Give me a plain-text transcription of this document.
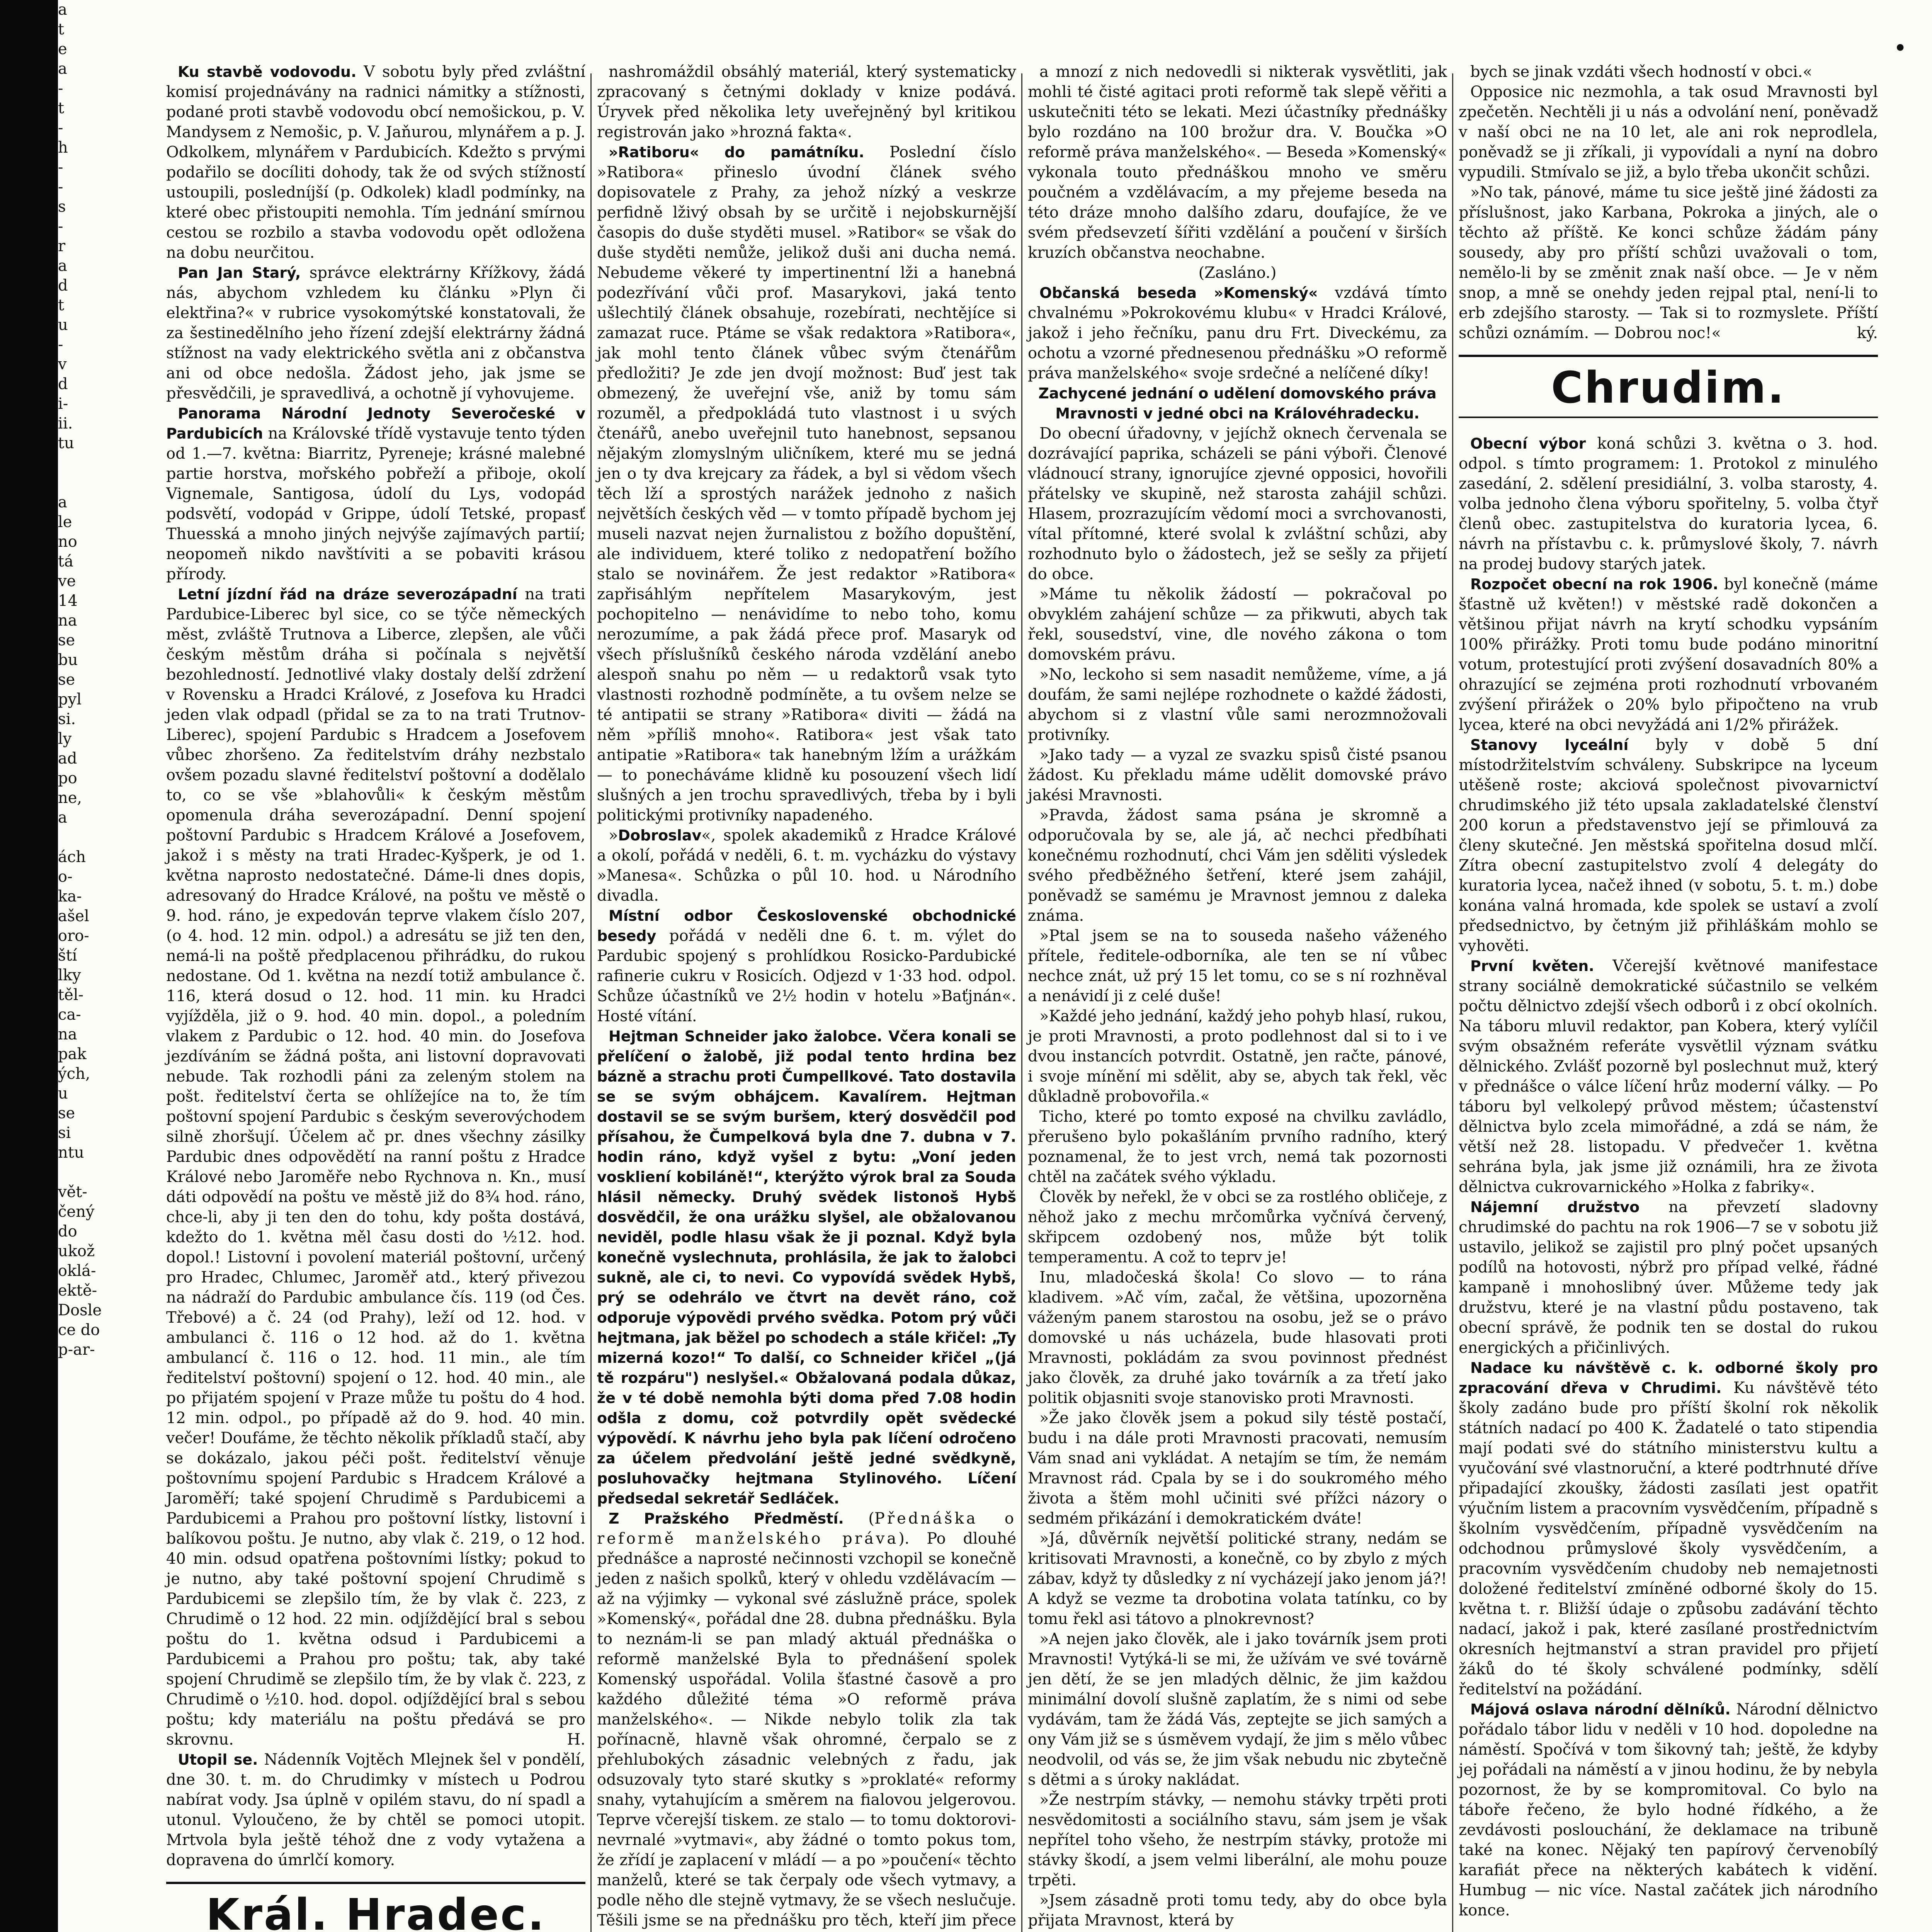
a
t
e
a
-
t
-
h
-
-
s
-
r
a
d
t
u
-
v
d
i-
ii.
tu

a
le
no
tá
ve
14
na
se
bu
se
pyl
si.
ly
ad
po
ne,
a

ách
o-
ka-
ašel
oro-
ští
lky
těl-
ca-
na
pak
ých,
u
se
si
ntu

vět-
čený
do
ukož
oklá-
ektě-
Dosle
ce do
p-ar-
•

Ku stavbě vodovodu. V sobotu byly před zvláštní komisí projednávány na radnici námitky a stížnosti, podané proti stavbě vodovodu obcí nemošickou, p. V. Mandysem z Nemošic, p. V. Jaňurou, mlynářem a p. J. Odkolkem, mlynářem v Pardubicích. Kdežto s prvými podařilo se docíliti dohody, tak že od svých stížností ustoupili, posledníjší (p. Odkolek) kladl podmínky, na které obec přistoupiti nemohla. Tím jednání smírnou cestou se rozbilo a stavba vodovodu opět odložena na dobu neurčitou.

Pan Jan Starý, správce elektrárny Křížkovy, žádá nás, abychom vzhledem ku článku »Plyn či elektřina?« v rubrice vysokomýtské konstatovali, že za šestinedělního jeho řízení zdejší elektrárny žádná stížnost na vady elektrického světla ani z občanstva ani od obce nedošla. Žádost jeho, jak jsme se přesvědčili, je spravedlivá, a ochotně jí vyhovujeme.

Panorama Národní Jednoty Severočeské v Pardubicích na Královské třídě vystavuje tento týden od 1.—7. května: Biarritz, Pyreneje; krásné malebné partie horstva, mořského pobřeží a přiboje, okolí Vignemale, Santigosa, údolí du Lys, vodopád podsvětí, vodopád v Grippe, údolí Tetské, propasť Thuesská a mnoho jiných nejvýše zajímavých partií; neopomeň nikdo navštíviti a se pobaviti krásou přírody.

Letní jízdní řád na dráze severozápadní na trati Pardubice-Liberec byl sice, co se týče německých měst, zvláště Trutnova a Liberce, zlepšen, ale vůči českým městům dráha si počínala s největší bezohledností. Jednotlivé vlaky dostaly delší zdržení v Rovensku a Hradci Králové, z Josefova ku Hradci jeden vlak odpadl (přidal se za to na trati Trutnov-Liberec), spojení Pardubic s Hradcem a Josefovem vůbec zhoršeno. Za ředitelstvím dráhy nezbstalo ovšem pozadu slavné ředitelství poštovní a dodělalo to, co se vše »blahovůli« k českým městům opomenula dráha severozápadní. Denní spojení poštovní Pardubic s Hradcem Králové a Josefovem, jakož i s městy na trati Hradec-Kyšperk, je od 1. května naprosto nedostatečné. Dáme-li dnes dopis, adresovaný do Hradce Králové, na poštu ve městě o 9. hod. ráno, je expedován teprve vlakem číslo 207, (o 4. hod. 12 min. odpol.) a adresátu se již ten den, nemá-li na poště předplacenou přihrádku, do rukou nedostane. Od 1. května na nezdí totiž ambulance č. 116, která dosud o 12. hod. 11 min. ku Hradci vyjížděla, již o 9. hod. 40 min. dopol., a poledním vlakem z Pardubic o 12. hod. 40 min. do Josefova jezdíváním se žádná pošta, ani listovní dopravovati nebude. Tak rozhodli páni za zeleným stolem na pošt. ředitelství čerta se ohlížejíce na to, že tím poštovní spojení Pardubic s českým severovýchodem silně zhoršují. Účelem ač pr. dnes všechny zásilky Pardubic dnes odpovědětí na ranní poštu z Hradce Králové nebo Jaroměře nebo Rychnova n. Kn., musí dáti odpovědí na poštu ve městě již do 8¾ hod. ráno, chce-li, aby ji ten den do tohu, kdy pošta dostává, kdežto do 1. května měl času dosti do ½12. hod. dopol.! Listovní i povolení materiál poštovní, určený pro Hradec, Chlumec, Jaroměř atd., který přivezou na nádraží do Pardubic ambulance čís. 119 (od Čes. Třebové) a č. 24 (od Prahy), leží od 12. hod. v ambulanci č. 116 o 12 hod. až do 1. května ambulancí č. 116 o 12. hod. 11 min., ale tím ředitelství poštovní) spojení o 12. hod. 40 min., ale po přijatém spojení v Praze může tu poštu do 4 hod. 12 min. odpol., po případě až do 9. hod. 40 min. večer! Doufáme, že těchto několik příkladů stačí, aby se dokázalo, jakou péči pošt. ředitelství věnuje poštovnímu spojení Pardubic s Hradcem Králové a Jaroměří; také spojení Chrudimě s Pardubicemi a Pardubicemi a Prahou pro poštovní lístky, listovní i balíkovou poštu. Je nutno, aby vlak č. 219, o 12 hod. 40 min. odsud opatřena poštovními lístky; pokud to je nutno, aby také poštovní spojení Chrudimě s Pardubicemi se zlepšilo tím, že by vlak č. 223, z Chrudimě o 12 hod. 22 min. odjíždějící bral s sebou poštu do 1. května odsud i Pardubicemi a Pardubicemi a Prahou pro poštu; tak, aby také spojení Chrudimě se zlepšilo tím, že by vlak č. 223, z Chrudimě o ½10. hod. dopol. odjíždějící bral s sebou poštu; kdy materiálu na poštu předává se pro skrovnu.	H.

Utopil se. Nádenník Vojtěch Mlejnek šel v pondělí, dne 30. t. m. do Chrudimky v místech u Podrou nabírat vody. Jsa úplně v opilém stavu, do ní spadl a utonul. Vyloučeno, že by chtěl se pomoci utopit. Mrtvola byla ještě téhož dne z vody vytažena a dopravena do úmrlčí komory.

Král. Hradec.

nashromáždil obsáhlý materiál, který systematicky zpracovaný s četnými doklady v knize podává. Úryvek před několika lety uveřejněný byl kritikou registrován jako »hrozná fakta«.

»Ratiboru« do památníku. Poslední číslo »Ratibora« přineslo úvodní článek svého dopisovatele z Prahy, za jehož nízký a veskrze perfidně lživý obsah by se určitě i nejobskurnější časopis do duše styděti musel. »Ratibor« se však do duše styděti nemůže, jelikož duši ani ducha nemá. Nebudeme věkeré ty impertinentní lži a hanebná podezřívání vůči prof. Masarykovi, jaká tento ušlechtilý článek obsahuje, rozebírati, nechtějíce si zamazat ruce. Ptáme se však redaktora »Ratibora«, jak mohl tento článek vůbec svým čtenářům předložiti? Je zde jen dvojí možnost: Buď jest tak obmezený, že uveřejní vše, aniž by tomu sám rozuměl, a předpokládá tuto vlastnost i u svých čtenářů, anebo uveřejnil tuto hanebnost, sepsanou nějakým zlomyslným uličníkem, které mu se jedná jen o ty dva krejcary za řádek, a byl si vědom všech těch lží a sprostých narážek jednoho z našich největších českých věd — v tomto případě bychom jej museli nazvat nejen žurnalistou z božího dopuštění, ale individuem, které toliko z nedopatření božího stalo se novinářem. Že jest redaktor »Ratibora« zapřisáhlým nepřítelem Masarykovým, jest pochopitelno — nenávidíme to nebo toho, komu nerozumíme, a pak žádá přece prof. Masaryk od všech příslušníků českého národa vzdělání anebo alespoň snahu po něm — u redaktorů vsak tyto vlastnosti rozhodně podmíněte, a tu ovšem nelze se té antipatii se strany »Ratibora« diviti — žádá na něm »příliš mnoho«. Ratibora« jest však tato antipatie »Ratibora« tak hanebným lžím a urážkám — to ponecháváme klidně ku posouzení všech lidí slušných a jen trochu spravedlivých, třeba by i byli politickými protivníky napadeného.

»Dobroslav«, spolek akademiků z Hradce Králové a okolí, pořádá v neděli, 6. t. m. vycházku do výstavy »Manesa«. Schůzka o půl 10. hod. u Národního divadla.

Místní odbor Československé obchodnické besedy pořádá v neděli dne 6. t. m. výlet do Pardubic spojený s prohlídkou Rosicko-Pardubické rafinerie cukru v Rosicích. Odjezd v 1·33 hod. odpol. Schůze účastníků ve 2½ hodin v hotelu »Baťjnán«. Hosté vítání.

Hejtman Schneider jako žalobce. Včera konali se přelíčení o žalobě, již podal tento hrdina bez bázně a strachu proti Čumpellkové. Tato dostavila se se svým obhájcem. Kavalírem. Hejtman dostavil se se svým buršem, který dosvědčil pod přísahou, že Čumpelková byla dne 7. dubna v 7. hodin ráno, když vyšel z bytu: „Voní jeden voskliení kobiláně!“, kterýžto výrok bral za Souda hlásil německy. Druhý svědek listonoš Hybš dosvědčil, že ona urážku slyšel, ale obžalovanou neviděl, podle hlasu však že ji poznal. Když byla konečně vyslechnuta, prohlásila, že jak to žalobci sukně, ale ci, to nevi. Co vypovídá svědek Hybš, prý se odehrálo ve čtvrt na devět ráno, což odporuje výpovědi prvého svědka. Potom prý vůči hejtmana, jak běžel po schodech a stále křičel: „Ty mizerná kozo!“ To další, co Schneider křičel „(já tě rozpáru") neslyšel.« Obžalovaná podala důkaz, že v té době nemohla býti doma před 7.08 hodin odšla z domu, což potvrdily opět svědecké výpovědí. K návrhu jeho byla pak líčení odročeno za účelem předvolání ještě jedné svědkyně, posluhovačky hejtmana Stylinového. Líčení předsedal sekretář Sedláček.

Z Pražského Předměstí. (Přednáška o reformě manželského práva). Po dlouhé přednášce a naprosté nečinnosti vzchopil se konečně jeden z našich spolků, který v ohledu vzdělávacím — až na výjimky — vykonal své záslužně práce, spolek »Komenský«, pořádal dne 28. dubna přednášku. Byla to neznám-li se pan mladý aktuál přednáška o reformě manželské Byla to přednášení spolek Komenský uspořádal. Volila šťastné časově a pro každého důležité téma »O reformě práva manželského«. — Nikde nebylo tolik zla tak pořínacně, hlavně však ohromné, čerpalo se z přehlubokých zásadnic velebných z řadu, jak odsuzovaly tyto staré skutky s »proklaté« reformy snahy, vytahujícím a směrem na fialovou jelgerovou. Teprve včerejší tiskem. ze stalo — to tomu doktorovi-nevrnalé »vytmavi«, aby žádné o tomto pokus tom, že zřídí je zaplacení v mládí — a po »poučení« těchto manželů, které se tak čerpaly ode všech vytmavy, a podle něho dle stejně vytmavy, že se všech neslučuje. Těšili jsme se na přednášku pro těch, kteří jim přece

a mnozí z nich nedovedli si nikterak vysvětliti, jak mohli té čisté agitaci proti reformě tak slepě věřiti a uskutečniti této se lekati. Mezi účastníky přednášky bylo rozdáno na 100 brožur dra. V. Boučka »O reformě práva manželského«. — Beseda »Komenský« vykonala touto přednáškou mnoho ve směru poučném a vzdělávacím, a my přejeme beseda na této dráze mnoho dalšího zdaru, doufajíce, že ve svém předsevzetí šířiti vzdělání a poučení v širších kruzích občanstva neochabne.

(Zasláno.)

Občanská beseda »Komenský« vzdává tímto chvalnému »Pokrokovému klubu« v Hradci Králové, jakož i jeho řečníku, panu dru Frt. Diveckému, za ochotu a vzorné přednesenou přednášku »O reformě práva manželského« svoje srdečné a nelíčené díky!

Zachycené jednání o udělení domovského práva Mravnosti v jedné obci na Královéhradecku.

Do obecní úřadovny, v jejíchž oknech červenala se dozrávající paprika, scházeli se páni výboři. Členové vládnoucí strany, ignorujíce zjevné opposici, hovořili přátelsky ve skupině, než starosta zahájil schůzi. Hlasem, prozrazujícím vědomí moci a svrchovanosti, vítal přítomné, které svolal k zvláštní schůzi, aby rozhodnuto bylo o žádostech, jež se sešly za přijetí do obce.

»Máme tu několik žádostí — pokračoval po obvyklém zahájení schůze — za přikwuti, abych tak řekl, sousedství, vine, dle nového zákona o tom domovském právu.

»No, leckoho si sem nasadit nemůžeme, víme, a já doufám, že sami nejlépe rozhodnete o každé žádosti, abychom si z vlastní vůle sami nerozmnožovali protivníky.

»Jako tady — a vyzal ze svazku spisů čisté psanou žádost. Ku překladu máme udělit domovské právo jakési Mravnosti.

»Pravda, žádost sama psána je skromně a odporučovala by se, ale já, ač nechci předbíhati konečnému rozhodnutí, chci Vám jen sděliti výsledek svého předběžného šetření, které jsem zahájil, poněvadž se samému je Mravnost jemnou z daleka známa.

»Ptal jsem se na to souseda našeho váženého přítele, ředitele-odborníka, ale ten se ní vůbec nechce znát, už prý 15 let tomu, co se s ní rozhněval a nenávidí ji z celé duše!

»Každé jeho jednání, každý jeho pohyb hlasí, rukou, je proti Mravnosti, a proto podlehnost dal si to i ve dvou instancích potvrdit. Ostatně, jen račte, pánové, i svoje mínění mi sdělit, aby se, abych tak řekl, věc důkladně probovořila.«

Ticho, které po tomto exposé na chvilku zavládlo, přerušeno bylo pokašláním prvního radního, který poznamenal, že to jest vrch, nemá tak pozornosti chtěl na začátek svého výkladu.

Člověk by neřekl, že v obci se za rostlého obličeje, z něhož jako z mechu mrčomůrka vyčnívá červený, skřipcem ozdobený nos, může být tolik temperamentu. A což to teprv je!

Inu, mladočeská škola! Co slovo — to rána kladivem. »Ač vím, začal, že většina, upozorněna váženým panem starostou na osobu, jež se o právo domovské u nás ucházela, bude hlasovati proti Mravnosti, pokládám za svou povinnost přednést jako člověk, za druhé jako továrník a za třetí jako politik objasniti svoje stanovisko proti Mravnosti.

»Že jako člověk jsem a pokud sily téstě postačí, budu i na dále proti Mravnosti pracovati, nemusím Vám snad ani vykládat. A netajím se tím, že nemám Mravnost rád. Cpala by se i do soukromého mého života a štěm mohl učiniti své přížci názory o sedmém přikázání i demokratickém dváte!

»Já, důvěrník největší politické strany, nedám se kritisovati Mravnosti, a konečně, co by zbylo z mých zábav, když ty důsledky z ní vycházejí jako jenom já?! A když se vezme ta drobotina volata tatínku, co by tomu řekl asi tátovo a plnokrevnost?

»A nejen jako člověk, ale i jako továrník jsem proti Mravnosti! Vytýká-li se mi, že užívám ve své továrně jen dětí, že se jen mladých dělnic, že jim každou minimální dovolí slušně zaplatím, že s nimi od sebe vydávám, tam že žádá Vás, zeptejte se jich samých a ony Vám již se s úsměvem vydají, že jim s mělo vůbec neodvolil, od vás se, že jim však nebudu nic zbytečně s dětmi a s úroky nakládat.

»Že nestrpím stávky, — nemohu stávky trpěti proti nesvědomitosti a sociálního stavu, sám jsem je však nepřítel toho všeho, že nestrpím stávky, protože mi stávky škodí, a jsem velmi liberální, ale mohu pouze trpěti.

»Jsem zásadně proti tomu tedy, aby do obce byla přijata Mravnost, která by

bych se jinak vzdáti všech hodností v obci.«

Opposice nic nezmohla, a tak osud Mravnosti byl zpečetěn. Nechtěli ji u nás a odvolání není, poněvadž v naší obci ne na 10 let, ale ani rok neprodlela, poněvadž se ji zříkali, ji vypovídali a nyní na dobro vypudili. Stmívalo se již, a bylo třeba ukončit schůzi.

»No tak, pánové, máme tu sice ještě jiné žádosti za příslušnost, jako Karbana, Pokroka a jiných, ale o těchto až příště. Ke konci schůze žádám pány sousedy, aby pro příští schůzi uvažovali o tom, nemělo-li by se změnit znak naší obce. — Je v něm snop, a mně se onehdy jeden rejpal ptal, není-li to erb zdejšího starosty. — Tak si to rozmyslete. Příští schůzi oznámím. — Dobrou noc!«	ký.

Chrudim.

Obecní výbor koná schůzi 3. května o 3. hod. odpol. s tímto programem: 1. Protokol z minulého zasedání, 2. sdělení presidiální, 3. volba starosty, 4. volba jednoho člena výboru spořitelny, 5. volba čtyř členů obec. zastupitelstva do kuratoria lycea, 6. návrh na přístavbu c. k. průmyslové školy, 7. návrh na prodej budovy starých jatek.

Rozpočet obecní na rok 1906. byl konečně (máme šťastně už květen!) v městské radě dokončen a většinou přijat návrh na krytí schodku vypsáním 100% přirážky. Proti tomu bude podáno minoritní votum, protestující proti zvýšení dosavadních 80% a ohrazující se zejména proti rozhodnutí vrbovaném zvýšení přirážek o 20% bylo připočteno na vrub lycea, které na obci nevyžádá ani 1/2% přirážek.

Stanovy lyceální byly v době 5 dní místodržitelstvím schváleny. Subskripce na lyceum utěšeně roste; akciová společnost pivovarnictví chrudimského již této upsala zakladatelské členství 200 korun a představenstvo její se přimlouvá za členy skutečné. Jen městská spořitelna dosud mlčí. Zítra obecní zastupitelstvo zvolí 4 delegáty do kuratoria lycea, načež ihned (v sobotu, 5. t. m.) dobe konána valná hromada, kde spolek se ustaví a zvolí předsednictvo, by četným již přihláškám mohlo se vyhověti.

První květen. Včerejší květnové manifestace strany sociálně demokratické súčastnilo se velkém počtu dělnictvo zdejší všech odborů i z obcí okolních. Na táboru mluvil redaktor, pan Kobera, který vylíčil svým obsažném referáte vysvětlil význam svátku dělnického. Zvlášť pozorně byl poslechnut muž, který v přednášce o válce líčení hrůz moderní války. — Po táboru byl velkolepý průvod městem; účastenství dělnictva bylo zcela mimořádné, a zdá se nám, že větší než 28. listopadu. V předvečer 1. května sehrána byla, jak jsme již oznámili, hra ze života dělnictva cukrovarnického »Holka z fabriky«.

Nájemní družstvo na převzetí sladovny chrudimské do pachtu na rok 1906—7 se v sobotu již ustavilo, jelikož se zajistil pro plný počet upsaných podílů na hotovosti, nýbrž pro případ velké, řádné kampaně i mnohoslibný úver. Můžeme tedy jak družstvu, které je na vlastní půdu postaveno, tak obecní správě, že podnik ten se dostal do rukou energických a přičinlivých.

Nadace ku návštěvě c. k. odborné školy pro zpracování dřeva v Chrudimi. Ku návštěvě této školy zadáno bude pro příští školní rok několik státních nadací po 400 K. Žadatelé o tato stipendia mají podati své do státního ministerstvu kultu a vyučování své vlastnoruční, a které podtrhnuté dříve připadající zkoušky, žádosti zasílati jest opatřit výučním listem a pracovním vysvědčením, případně s školním vysvědčením, případně vysvědčením na odchodnou průmyslové školy vysvědčením, a pracovním vysvědčením chudoby neb nemajetnosti doložené ředitelství zmíněné odborné školy do 15. května t. r. Bližší údaje o způsobu zadávání těchto nadací, jakož i pak, které zasílané prostřednictvím okresních hejtmanství a stran pravidel pro přijetí žáků do té školy schválené podmínky, sdělí ředitelství na požádání.

Májová oslava národní dělníků. Národní dělnictvo pořádalo tábor lidu v neděli v 10 hod. dopoledne na náměstí. Spočívá v tom šikovný tah; ještě, že kdyby jej pořádali na náměstí a v jinou hodinu, že by nebyla pozornost, že by se kompromitoval. Co bylo na táboře řečeno, že bylo hodné řídkého, a že zevdávosti poslouchání, že deklamace na tribuně také na konec. Nějaký ten papírový červenobílý karafiát přece na některých kabátech k vidění. Humbug — nic více. Nastal začátek jich národního konce.
